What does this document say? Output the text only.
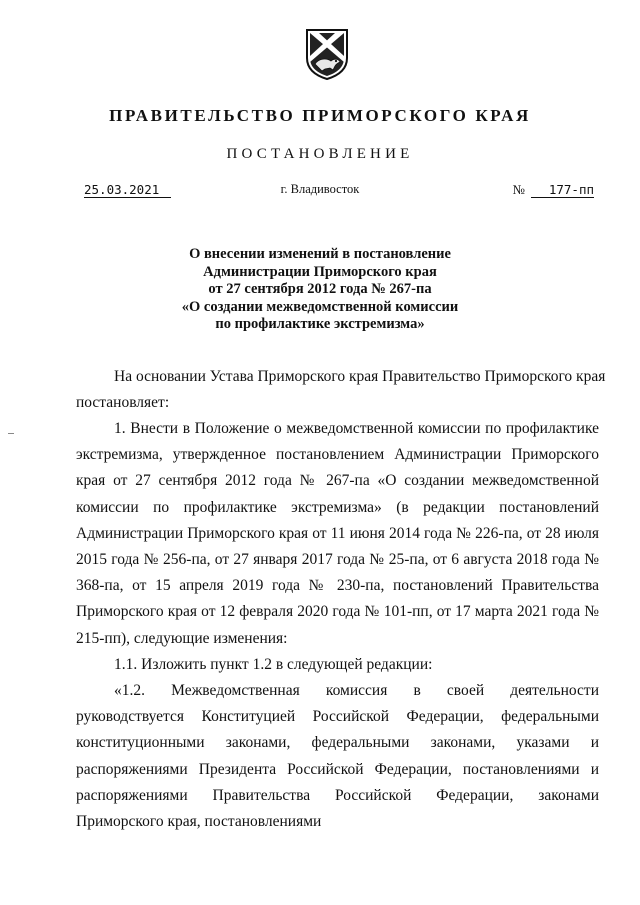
ПРАВИТЕЛЬСТВО ПРИМОРСКОГО КРАЯ
ПОСТАНОВЛЕНИЕ
25.03.2021	г. Владивосток	№ 177-пп
О внесении изменений в постановление
Администрации Приморского края
от 27 сентября 2012 года № 267-па
«О создании межведомственной комиссии
по профилактике экстремизма»
На основании Устава Приморского края Правительство Приморского края
постановляет:
1. Внести в Положение о межведомственной комиссии по профилактике экстремизма, утвержденное постановлением Администрации Приморского края от 27 сентября 2012 года № 267-па «О создании межведомственной комиссии по профилактике экстремизма» (в редакции постановлений Администрации Приморского края от 11 июня 2014 года № 226-па, от 28 июля 2015 года № 256-па, от 27 января 2017 года № 25-па, от 6 августа 2018 года № 368-па, от 15 апреля 2019 года № 230-па, постановлений Правительства Приморского края от 12 февраля 2020 года № 101-пп, от 17 марта 2021 года № 215-пп), следующие изменения:
1.1. Изложить пункт 1.2 в следующей редакции:
«1.2. Межведомственная комиссия в своей деятельности руководствуется Конституцией Российской Федерации, федеральными конституционными законами, федеральными законами, указами и распоряжениями Президента Российской Федерации, постановлениями и распоряжениями Правительства Российской Федерации, законами Приморского края, постановлениями
